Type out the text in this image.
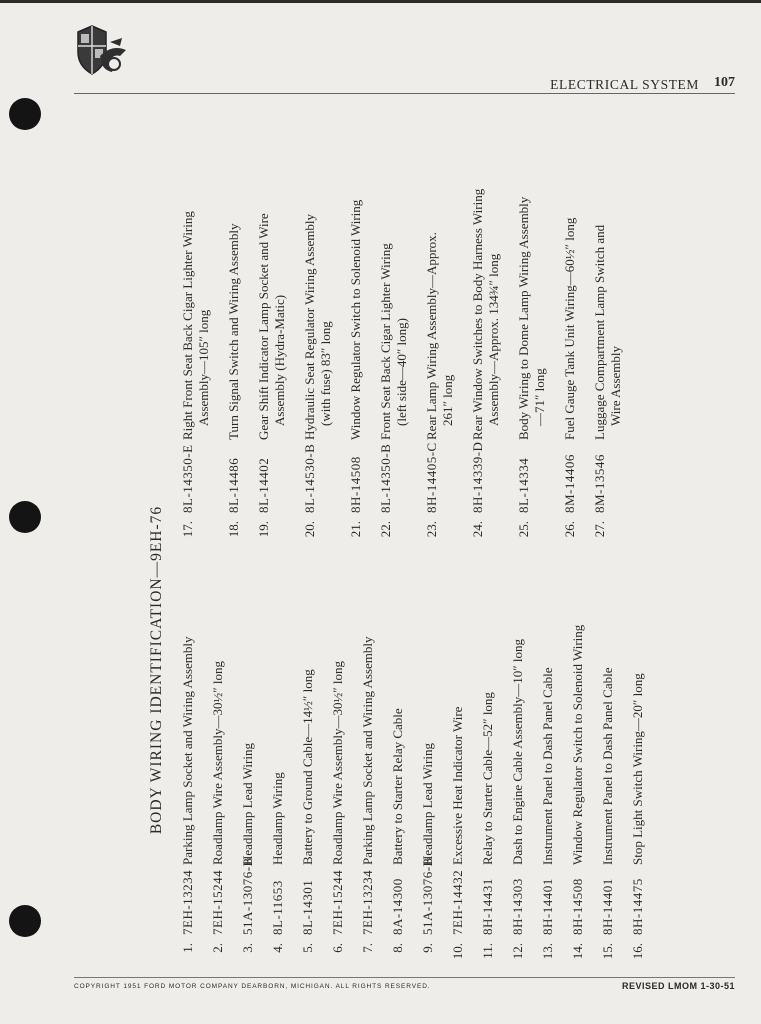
ELECTRICAL SYSTEM 107
BODY WIRING IDENTIFICATION—9EH-76
1.
7EH-13234
Parking Lamp Socket and Wiring Assembly
2.
7EH-15244
Roadlamp Wire Assembly—30½″ long
3.
51A-13076-B
Headlamp Lead Wiring
4.
8L-11653
Headlamp Wiring
5.
8L-14301
Battery to Ground Cable—14½″ long
6.
7EH-15244
Roadlamp Wire Assembly—30½″ long
7.
7EH-13234
Parking Lamp Socket and Wiring Assembly
8.
8A-14300
Battery to Starter Relay Cable
9.
51A-13076-B
Headlamp Lead Wiring
10.
7EH-14432
Excessive Heat Indicator Wire
11.
8H-14431
Relay to Starter Cable—52″ long
12.
8H-14303
Dash to Engine Cable Assembly—10″ long
13.
8H-14401
Instrument Panel to Dash Panel Cable
14.
8H-14508
Window Regulator Switch to Solenoid Wiring
15.
8H-14401
Instrument Panel to Dash Panel Cable
16.
8H-14475
Stop Light Switch Wiring—20″ long
17.
8L-14350-E
Right Front Seat Back Cigar Lighter Wiring Assembly—105″ long
18.
8L-14486
Turn Signal Switch and Wiring Assembly
19.
8L-14402
Gear Shift Indicator Lamp Socket and Wire Assembly (Hydra-Matic)
20.
8L-14530-B
Hydraulic Seat Regulator Wiring Assembly (with fuse) 83″ long
21.
8H-14508
Window Regulator Switch to Solenoid Wiring
22.
8L-14350-B
Front Seat Back Cigar Lighter Wiring (left side—40″ long)
23.
8H-14405-C
Rear Lamp Wiring Assembly—Approx. 261″ long
24.
8H-14339-D
Rear Window Switches to Body Harness Wiring Assembly—Approx. 134¾″ long
25.
8L-14334
Body Wiring to Dome Lamp Wiring Assembly —71″ long
26.
8M-14406
Fuel Gauge Tank Unit Wiring—60½″ long
27.
8M-13546
Luggage Compartment Lamp Switch and Wire Assembly
COPYRIGHT 1951 FORD MOTOR COMPANY DEARBORN, MICHIGAN. ALL RIGHTS RESERVED.	REVISED LMOM 1-30-51
